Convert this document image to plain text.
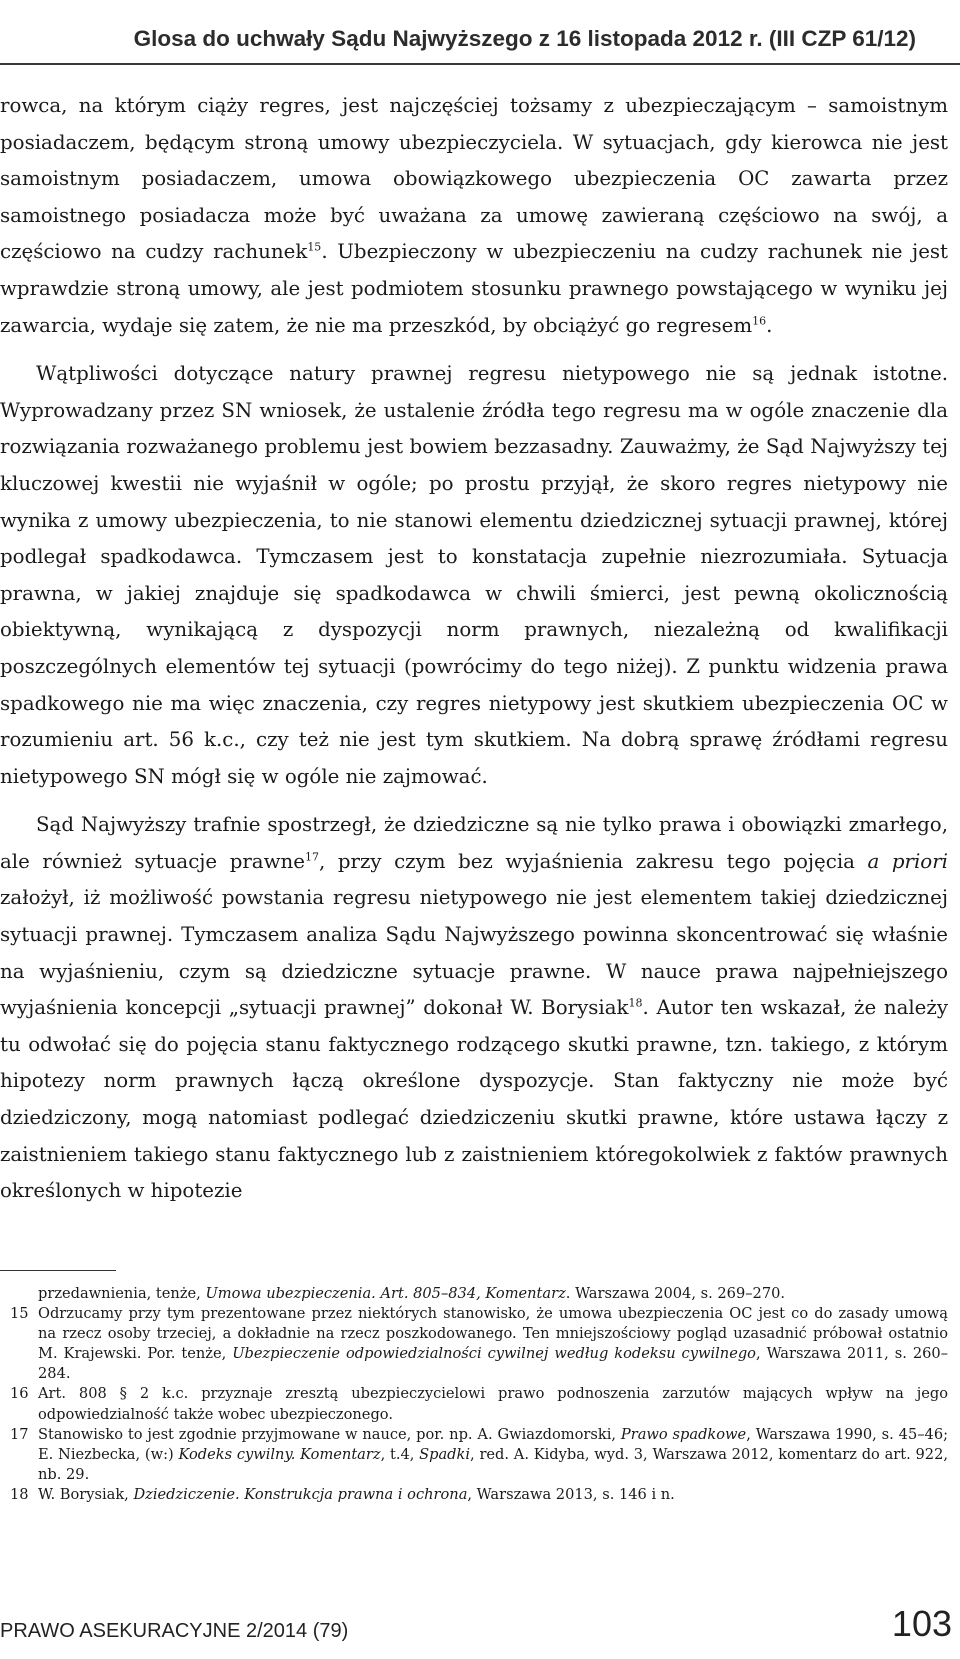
Glosa do uchwały Sądu Najwyższego z 16 listopada 2012 r. (III CZP 61/12)

rowca, na którym ciąży regres, jest najczęściej tożsamy z ubezpieczającym – samoistnym posiadaczem, będącym stroną umowy ubezpieczyciela. W sytuacjach, gdy kierowca nie jest samoistnym posiadaczem, umowa obowiązkowego ubezpieczenia OC zawarta przez samoistnego posiadacza może być uważana za umowę zawieraną częściowo na swój, a częściowo na cudzy rachunek$^{15}$. Ubezpieczony w ubezpieczeniu na cudzy rachunek nie jest wprawdzie stroną umowy, ale jest podmiotem stosunku prawnego powstającego w wyniku jej zawarcia, wydaje się zatem, że nie ma przeszkód, by obciążyć go regresem$^{16}$.

Wątpliwości dotyczące natury prawnej regresu nietypowego nie są jednak istotne. Wyprowadzany przez SN wniosek, że ustalenie źródła tego regresu ma w ogóle znaczenie dla rozwiązania rozważanego problemu jest bowiem bezzasadny. Zauważmy, że Sąd Najwyższy tej kluczowej kwestii nie wyjaśnił w ogóle; po prostu przyjął, że skoro regres nietypowy nie wynika z umowy ubezpieczenia, to nie stanowi elementu dziedzicznej sytuacji prawnej, której podlegał spadkodawca. Tymczasem jest to konstatacja zupełnie niezrozumiała. Sytuacja prawna, w jakiej znajduje się spadkodawca w chwili śmierci, jest pewną okolicznością obiektywną, wynikającą z dyspozycji norm prawnych, niezależną od kwalifikacji poszczególnych elementów tej sytuacji (powrócimy do tego niżej). Z punktu widzenia prawa spadkowego nie ma więc znaczenia, czy regres nietypowy jest skutkiem ubezpieczenia OC w rozumieniu art. 56 k.c., czy też nie jest tym skutkiem. Na dobrą sprawę źródłami regresu nietypowego SN mógł się w ogóle nie zajmować.

Sąd Najwyższy trafnie spostrzegł, że dziedziczne są nie tylko prawa i obowiązki zmarłego, ale również sytuacje prawne$^{17}$, przy czym bez wyjaśnienia zakresu tego pojęcia a priori założył, iż możliwość powstania regresu nietypowego nie jest elementem takiej dziedzicznej sytuacji prawnej. Tymczasem analiza Sądu Najwyższego powinna skoncentrować się właśnie na wyjaśnieniu, czym są dziedziczne sytuacje prawne. W nauce prawa najpełniejszego wyjaśnienia koncepcji „sytuacji prawnej” dokonał W. Borysiak$^{18}$. Autor ten wskazał, że należy tu odwołać się do pojęcia stanu faktycznego rodzącego skutki prawne, tzn. takiego, z którym hipotezy norm prawnych łączą określone dyspozycje. Stan faktyczny nie może być dziedziczony, mogą natomiast podlegać dziedziczeniu skutki prawne, które ustawa łączy z zaistnieniem takiego stanu faktycznego lub z zaistnieniem któregokolwiek z faktów prawnych określonych w hipotezie

przedawnienia, tenże, Umowa ubezpieczenia. Art. 805–834, Komentarz. Warszawa 2004, s. 269–270.

15 Odrzucamy przy tym prezentowane przez niektórych stanowisko, że umowa ubezpieczenia OC jest co do zasady umową na rzecz osoby trzeciej, a dokładnie na rzecz poszkodowanego. Ten mniejszościowy pogląd uzasadnić próbował ostatnio M. Krajewski. Por. tenże, Ubezpieczenie odpowiedzialności cywilnej według kodeksu cywilnego, Warszawa 2011, s. 260–284.

16 Art. 808 § 2 k.c. przyznaje zresztą ubezpieczycielowi prawo podnoszenia zarzutów mających wpływ na jego odpowiedzialność także wobec ubezpieczonego.

17 Stanowisko to jest zgodnie przyjmowane w nauce, por. np. A. Gwiazdomorski, Prawo spadkowe, Warszawa 1990, s. 45–46; E. Niezbecka, (w:) Kodeks cywilny. Komentarz, t.4, Spadki, red. A. Kidyba, wyd. 3, Warszawa 2012, komentarz do art. 922, nb. 29.

18 W. Borysiak, Dziedziczenie. Konstrukcja prawna i ochrona, Warszawa 2013, s. 146 i n.

PRAWO ASEKURACYJNE 2/2014 (79)	103
